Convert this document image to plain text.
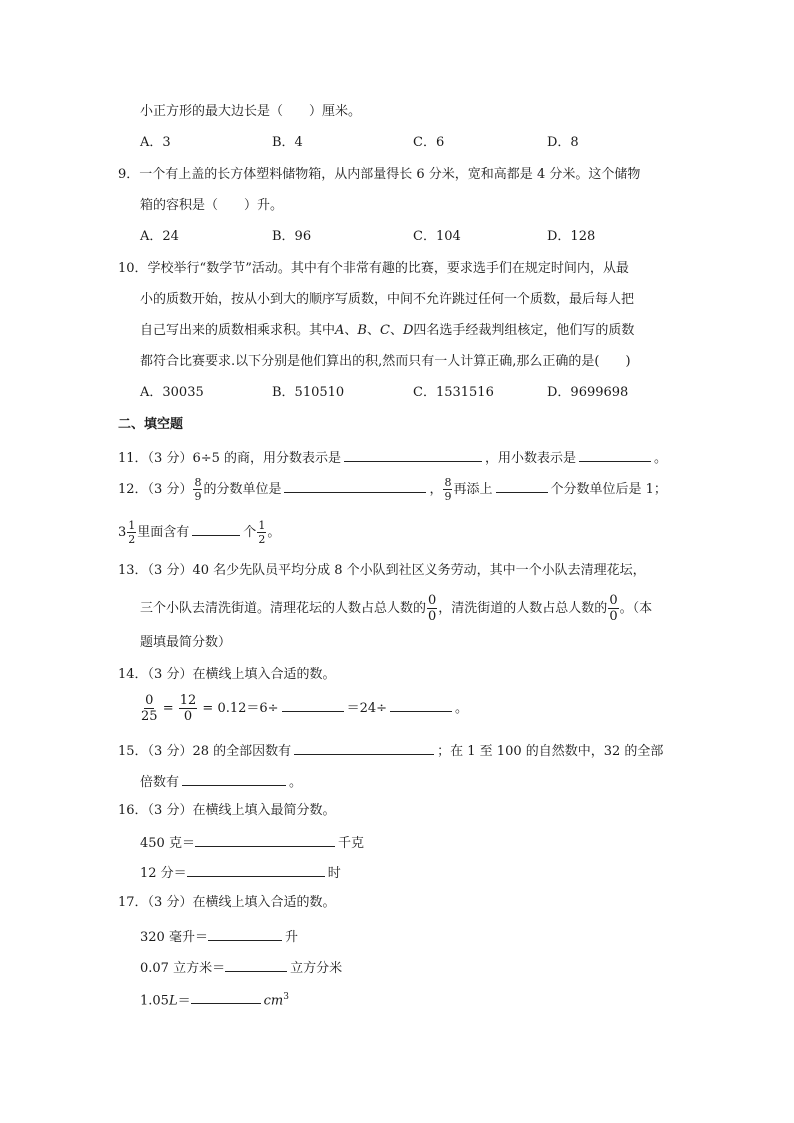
小正方形的最大边长是（　　）厘米。
A．3	B．4	C．6	D．8
9．一个有上盖的长方体塑料储物箱，从内部量得长 6 分米，宽和高都是 4 分米。这个储物
箱的容积是（　　）升。
A．24	B．96	C．104	D．128
10．学校举行“数学节”活动。其中有个非常有趣的比赛，要求选手们在规定时间内，从最
小的质数开始，按从小到大的顺序写质数，中间不允许跳过任何一个质数，最后每人把
自己写出来的质数相乘求积。其中A、B、C、D四名选手经裁判组核定，他们写的质数
都符合比赛要求.以下分别是他们算出的积,然而只有一人计算正确,那么正确的是(　　)
A．30035	B．510510	C．1531516	D．9699698
二、填空题
11．（3 分）6÷5 的商，用分数表示是	，用小数表示是	。
12．（3 分） $\frac{8}{9}$ 的分数单位是	， $\frac{8}{9}$ 再添上	个分数单位后是 1；
$3 \frac{1}{2}$ 里面含有	个 $\frac{1}{2}$ 。
13．（3 分）40 名少先队员平均分成 8 个小队到社区义务劳动，其中一个小队去清理花坛，
三个小队去清洗街道。清理花坛的人数占总人数的 $\frac{0}{0}$ ，清洗街道的人数占总人数的 $\frac{0}{0}$ 。（本
题填最简分数）
14．（3 分）在横线上填入合适的数。
$\frac{0}{25} = \frac{12}{0} = 0.12=6\div$	＝24÷	。
15．（3 分）28 的全部因数有	；在 1 至 100 的自然数中，32 的全部
倍数有	。
16．（3 分）在横线上填入最简分数。
450 克＝	千克
12 分＝	时
17．（3 分）在横线上填入合适的数。
320 毫升＝	升
0.07 立方米＝	立方分米
1.05L＝	$cm^3$
